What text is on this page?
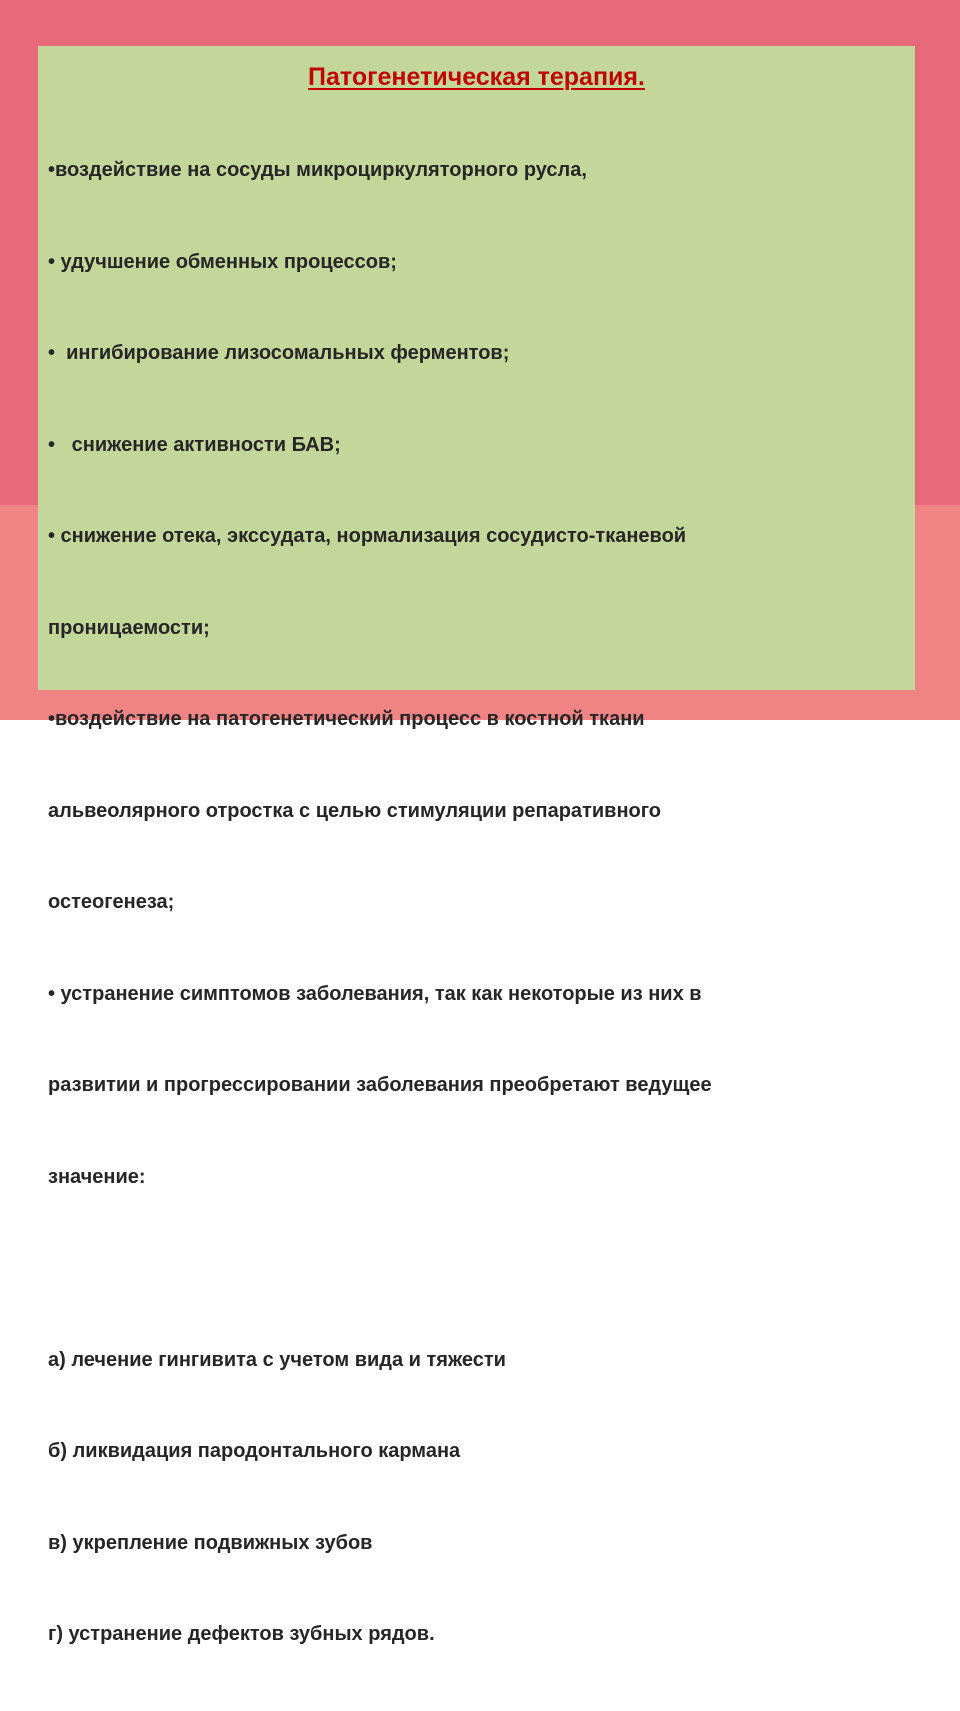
Патогенетическая терапия.

•воздействие на сосуды микроциркуляторного русла,

• удучшение обменных процессов;

•  ингибирование лизосомальных ферментов;

•   снижение активности БАВ;

• снижение отека, экссудата, нормализация сосудисто-тканевой

проницаемости;

•воздействие на патогенетический процесс в костной ткани

альвеолярного отростка с целью стимуляции репаративного

остеогенеза;

• устранение симптомов заболевания, так как некоторые из них в

развитии и прогрессировании заболевания преобретают ведущее

значение:

а) лечение гингивита с учетом вида и тяжести

б) ликвидация пародонтального кармана

в) укрепление подвижных зубов

г) устранение дефектов зубных рядов.
